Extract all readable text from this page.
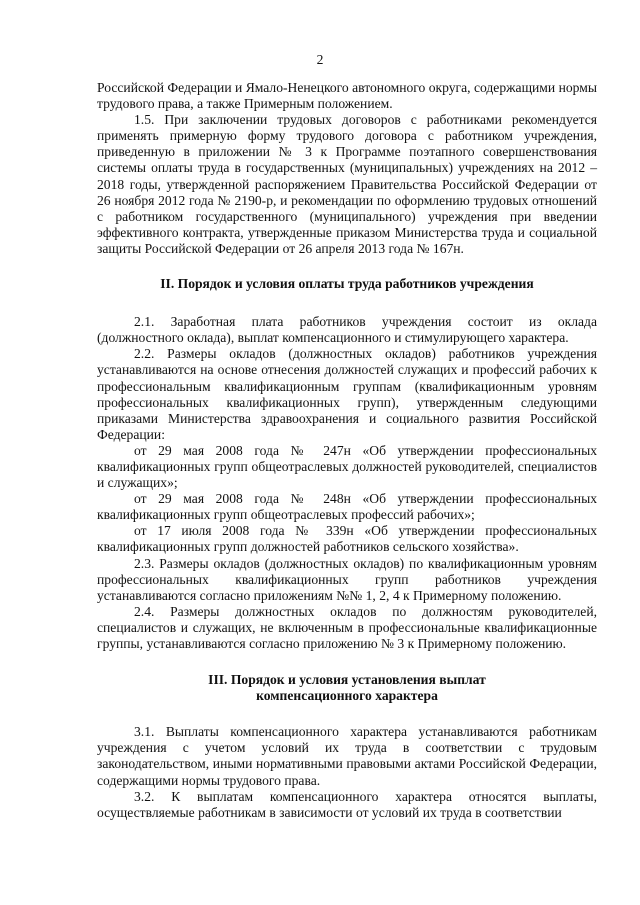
2

Российской Федерации и Ямало-Ненецкого автономного округа, содержащими нормы трудового права, а также Примерным положением.

1.5. При заключении трудовых договоров с работниками рекомендуется применять примерную форму трудового договора с работником учреждения, приведенную в приложении № 3 к Программе поэтапного совершенствования системы оплаты труда в государственных (муниципальных) учреждениях на 2012 – 2018 годы, утвержденной распоряжением Правительства Российской Федерации от 26 ноября 2012 года № 2190-р, и рекомендации по оформлению трудовых отношений с работником государственного (муниципального) учреждения при введении эффективного контракта, утвержденные приказом Министерства труда и социальной защиты Российской Федерации от 26 апреля 2013 года № 167н.

II. Порядок и условия оплаты труда работников учреждения

2.1. Заработная плата работников учреждения состоит из оклада (должностного оклада), выплат компенсационного и стимулирующего характера.

2.2. Размеры окладов (должностных окладов) работников учреждения устанавливаются на основе отнесения должностей служащих и профессий рабочих к профессиональным квалификационным группам (квалификационным уровням профессиональных квалификационных групп), утвержденным следующими приказами Министерства здравоохранения и социального развития Российской Федерации:

от 29 мая 2008 года № 247н «Об утверждении профессиональных квалификационных групп общеотраслевых должностей руководителей, специалистов и служащих»;

от 29 мая 2008 года № 248н «Об утверждении профессиональных квалификационных групп общеотраслевых профессий рабочих»;

от 17 июля 2008 года № 339н «Об утверждении профессиональных квалификационных групп должностей работников сельского хозяйства».

2.3. Размеры окладов (должностных окладов) по квалификационным уровням профессиональных квалификационных групп работников учреждения устанавливаются согласно приложениям №№ 1, 2, 4 к Примерному положению.

2.4. Размеры должностных окладов по должностям руководителей, специалистов и служащих, не включенным в профессиональные квалификационные группы, устанавливаются согласно приложению № 3 к Примерному положению.

III. Порядок и условия установления выплат
компенсационного характера

3.1. Выплаты компенсационного характера устанавливаются работникам учреждения с учетом условий их труда в соответствии с трудовым законодательством, иными нормативными правовыми актами Российской Федерации, содержащими нормы трудового права.

3.2. К выплатам компенсационного характера относятся выплаты, осуществляемые работникам в зависимости от условий их труда в соответствии
